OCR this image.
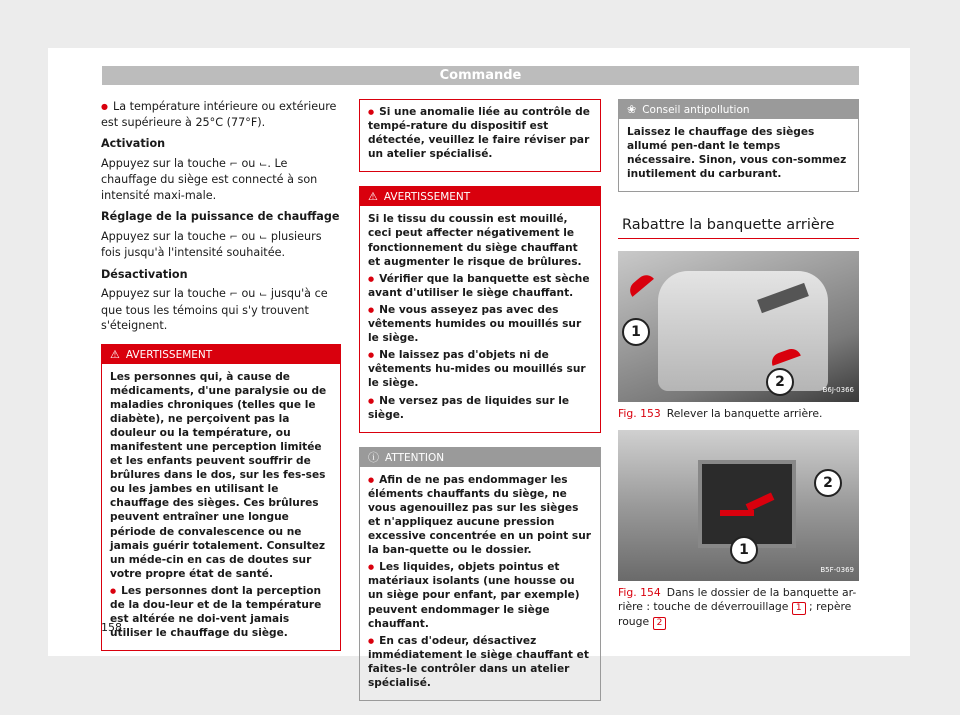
Commande

● La température intérieure ou extérieure est supérieure à 25°C (77°F).

Activation

Appuyez sur la touche ⌐ ou ⌙. Le chauffage du siège est connecté à son intensité maxi-male.

Réglage de la puissance de chauffage

Appuyez sur la touche ⌐ ou ⌙ plusieurs fois jusqu'à l'intensité souhaitée.

Désactivation

Appuyez sur la touche ⌐ ou ⌙ jusqu'à ce que tous les témoins qui s'y trouvent s'éteignent.

⚠ AVERTISSEMENT

Les personnes qui, à cause de médicaments, d'une paralysie ou de maladies chroniques (telles que le diabète), ne perçoivent pas la douleur ou la température, ou manifestent une perception limitée et les enfants peuvent souffrir de brûlures dans le dos, sur les fes-ses ou les jambes en utilisant le chauffage des sièges. Ces brûlures peuvent entraîner une longue période de convalescence ou ne jamais guérir totalement. Consultez un méde-cin en cas de doutes sur votre propre état de santé.

● Les personnes dont la perception de la dou-leur et de la température est altérée ne doi-vent jamais utiliser le chauffage du siège.

● Si une anomalie liée au contrôle de tempé-rature du dispositif est détectée, veuillez le faire réviser par un atelier spécialisé.

⚠ AVERTISSEMENT

Si le tissu du coussin est mouillé, ceci peut affecter négativement le fonctionnement du siège chauffant et augmenter le risque de brûlures.

● Vérifier que la banquette est sèche avant d'utiliser le siège chauffant.

● Ne vous asseyez pas avec des vêtements humides ou mouillés sur le siège.

● Ne laissez pas d'objets ni de vêtements hu-mides ou mouillés sur le siège.

● Ne versez pas de liquides sur le siège.

ⓘ ATTENTION

● Afin de ne pas endommager les éléments chauffants du siège, ne vous agenouillez pas sur les sièges et n'appliquez aucune pression excessive concentrée en un point sur la ban-quette ou le dossier.

● Les liquides, objets pointus et matériaux isolants (une housse ou un siège pour enfant, par exemple) peuvent endommager le siège chauffant.

● En cas d'odeur, désactivez immédiatement le siège chauffant et faites-le contrôler dans un atelier spécialisé.

❀ Conseil antipollution

Laissez le chauffage des sièges allumé pen-dant le temps nécessaire. Sinon, vous con-sommez inutilement du carburant.

Rabattre la banquette arrière
1
2
B6J-0366
Fig. 153 Relever la banquette arrière.
1
2
B5F-0369
Fig. 154 Dans le dossier de la banquette ar-rière : touche de déverrouillage 1 ; repère rouge 2
158
